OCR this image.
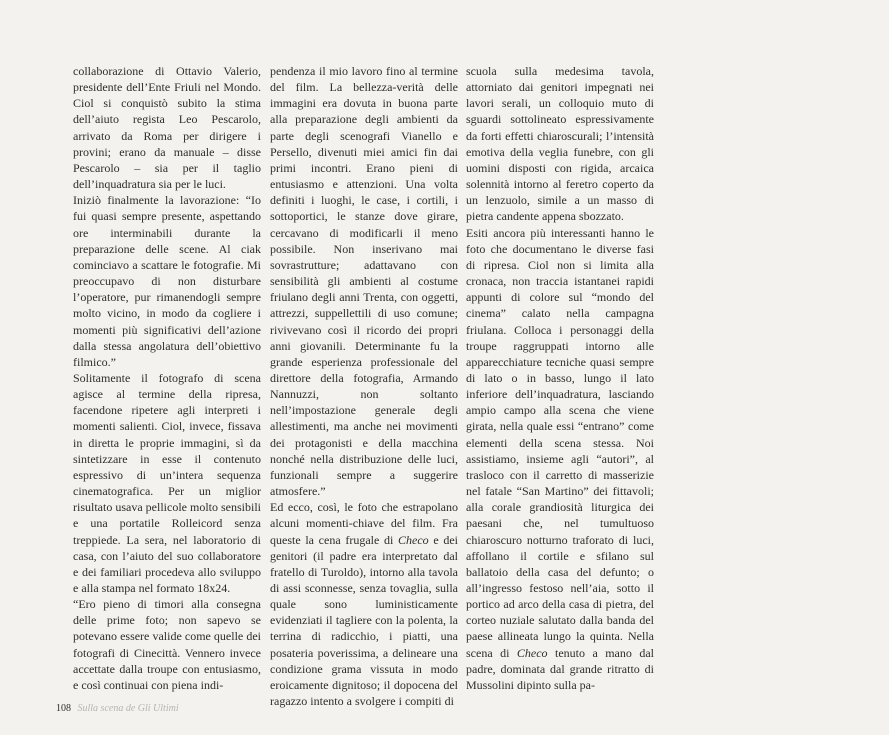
collaborazione di Ottavio Valerio, presidente dell’Ente Friuli nel Mondo. Ciol si conquistò subito la stima dell’aiuto regista Leo Pescarolo, arrivato da Roma per dirigere i provini; erano da manuale – disse Pescarolo – sia per il taglio dell’inquadratura sia per le luci.

Iniziò finalmente la lavorazione: “Io fui quasi sempre presente, aspettando ore interminabili durante la preparazione delle scene. Al ciak cominciavo a scattare le fotografie. Mi preoccupavo di non disturbare l’operatore, pur rimanendogli sempre molto vicino, in modo da cogliere i momenti più significativi dell’azione dalla stessa angolatura dell’obiettivo filmico.”

Solitamente il fotografo di scena agisce al termine della ripresa, facendone ripetere agli interpreti i momenti salienti. Ciol, invece, fissava in diretta le proprie immagini, sì da sintetizzare in esse il contenuto espressivo di un’intera sequenza cinematografica. Per un miglior risultato usava pellicole molto sensibili e una portatile Rolleicord senza treppiede. La sera, nel laboratorio di casa, con l’aiuto del suo collaboratore e dei familiari procedeva allo sviluppo e alla stampa nel formato 18x24.

“Ero pieno di timori alla consegna delle prime foto; non sapevo se potevano essere valide come quelle dei fotografi di Cinecittà. Vennero invece accettate dalla troupe con entusiasmo, e così continuai con piena indi-

pendenza il mio lavoro fino al termine del film. La bellezza-verità delle immagini era dovuta in buona parte alla preparazione degli ambienti da parte degli scenografi Vianello e Persello, divenuti miei amici fin dai primi incontri. Erano pieni di entusiasmo e attenzioni. Una volta definiti i luoghi, le case, i cortili, i sottoportici, le stanze dove girare, cercavano di modificarli il meno possibile. Non inserivano mai sovrastrutture; adattavano con sensibilità gli ambienti al costume friulano degli anni Trenta, con oggetti, attrezzi, suppellettili di uso comune; rivivevano così il ricordo dei propri anni giovanili. Determinante fu la grande esperienza professionale del direttore della fotografia, Armando Nannuzzi, non soltanto nell’impostazione generale degli allestimenti, ma anche nei movimenti dei protagonisti e della macchina nonché nella distribuzione delle luci, funzionali sempre a suggerire atmosfere.”

Ed ecco, così, le foto che estrapolano alcuni momenti-chiave del film. Fra queste la cena frugale di Checo e dei genitori (il padre era interpretato dal fratello di Turoldo), intorno alla tavola di assi sconnesse, senza tovaglia, sulla quale sono luministicamente evidenziati il tagliere con la polenta, la terrina di radicchio, i piatti, una posateria poverissima, a delineare una condizione grama vissuta in modo eroicamente dignitoso; il dopocena del ragazzo intento a svolgere i compiti di

scuola sulla medesima tavola, attorniato dai genitori impegnati nei lavori serali, un colloquio muto di sguardi sottolineato espressivamente da forti effetti chiaroscurali; l’intensità emotiva della veglia funebre, con gli uomini disposti con rigida, arcaica solennità intorno al feretro coperto da un lenzuolo, simile a un masso di pietra candente appena sbozzato.

Esiti ancora più interessanti hanno le foto che documentano le diverse fasi di ripresa. Ciol non si limita alla cronaca, non traccia istantanei rapidi appunti di colore sul “mondo del cinema” calato nella campagna friulana. Colloca i personaggi della troupe raggruppati intorno alle apparecchiature tecniche quasi sempre di lato o in basso, lungo il lato inferiore dell’inquadratura, lasciando ampio campo alla scena che viene girata, nella quale essi “entrano” come elementi della scena stessa. Noi assistiamo, insieme agli “autori”, al trasloco con il carretto di masserizie nel fatale “San Martino” dei fittavoli; alla corale grandiosità liturgica dei paesani che, nel tumultuoso chiaroscuro notturno traforato di luci, affollano il cortile e sfilano sul ballatoio della casa del defunto; o all’ingresso festoso nell’aia, sotto il portico ad arco della casa di pietra, del corteo nuziale salutato dalla banda del paese allineata lungo la quinta. Nella scena di Checo tenuto a mano dal padre, dominata dal grande ritratto di Mussolini dipinto sulla pa-

108 Sulla scena de Gli Ultimi
